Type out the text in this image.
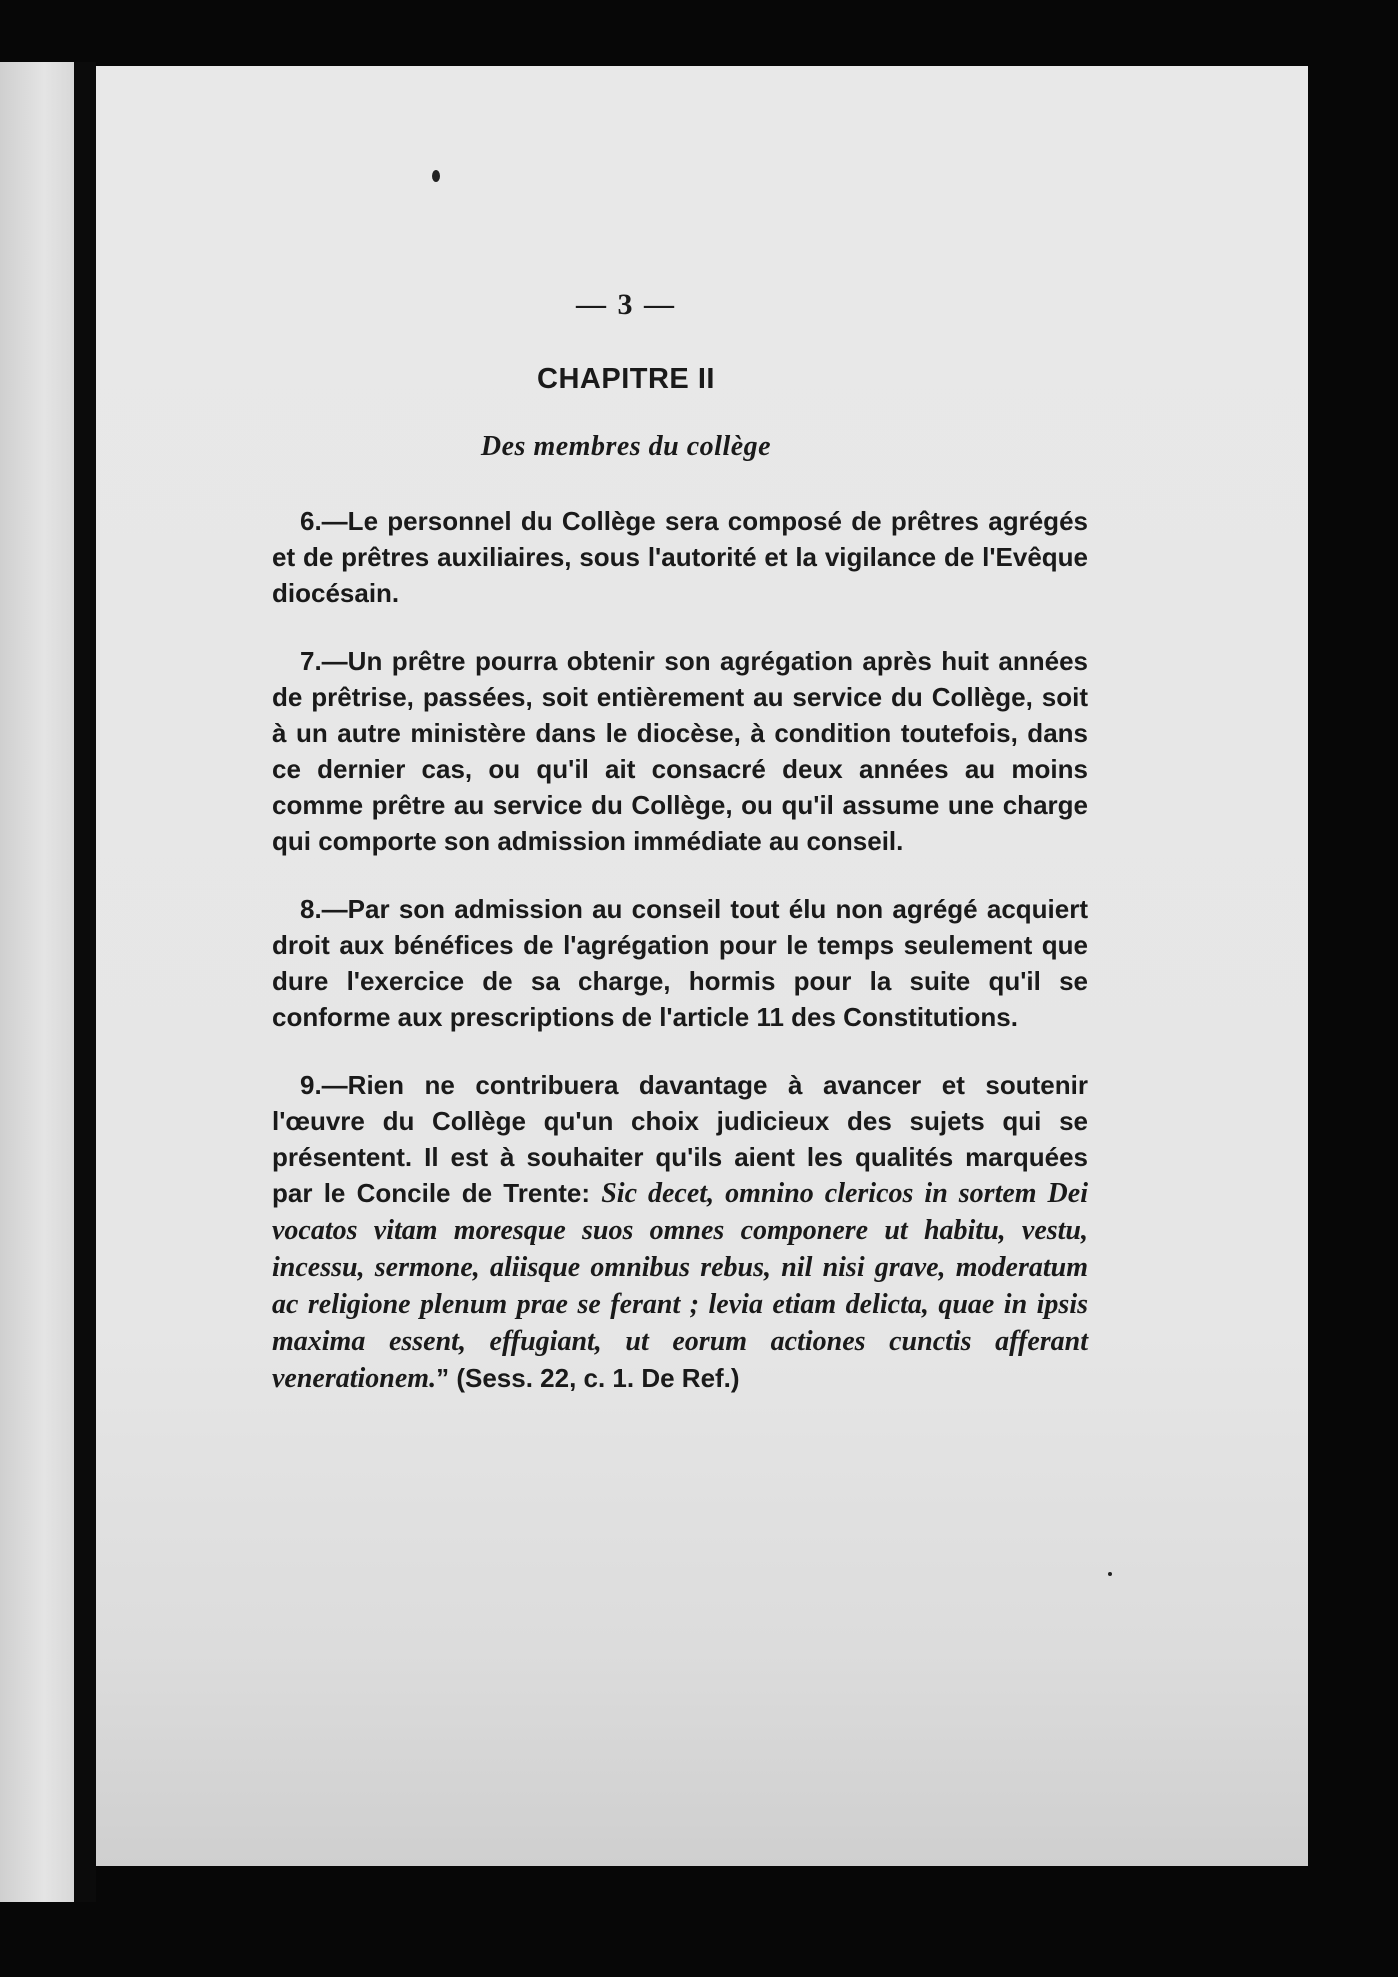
— 3 —
CHAPITRE II
Des membres du collège

6.—Le personnel du Collège sera composé de prêtres agrégés et de prêtres auxiliaires, sous l'autorité et la vigilance de l'Evêque diocésain.

7.—Un prêtre pourra obtenir son agrégation après huit années de prêtrise, passées, soit entièrement au service du Collège, soit à un autre ministère dans le diocèse, à condition toutefois, dans ce dernier cas, ou qu'il ait consacré deux années au moins comme prêtre au service du Collège, ou qu'il assume une charge qui comporte son admission immédiate au conseil.

8.—Par son admission au conseil tout élu non agrégé acquiert droit aux bénéfices de l'agrégation pour le temps seulement que dure l'exercice de sa charge, hormis pour la suite qu'il se conforme aux prescriptions de l'article 11 des Constitutions.

9.—Rien ne contribuera davantage à avancer et soutenir l'œuvre du Collège qu'un choix judicieux des sujets qui se présentent. Il est à souhaiter qu'ils aient les qualités marquées par le Concile de Trente: Sic decet, omnino clericos in sortem Dei vocatos vitam moresque suos omnes componere ut habitu, vestu, incessu, sermone, aliisque omnibus rebus, nil nisi grave, moderatum ac religione plenum prae se ferant ; levia etiam delicta, quae in ipsis maxima essent, effugiant, ut eorum actiones cunctis afferant venerationem.” (Sess. 22, c. 1. De Ref.)
